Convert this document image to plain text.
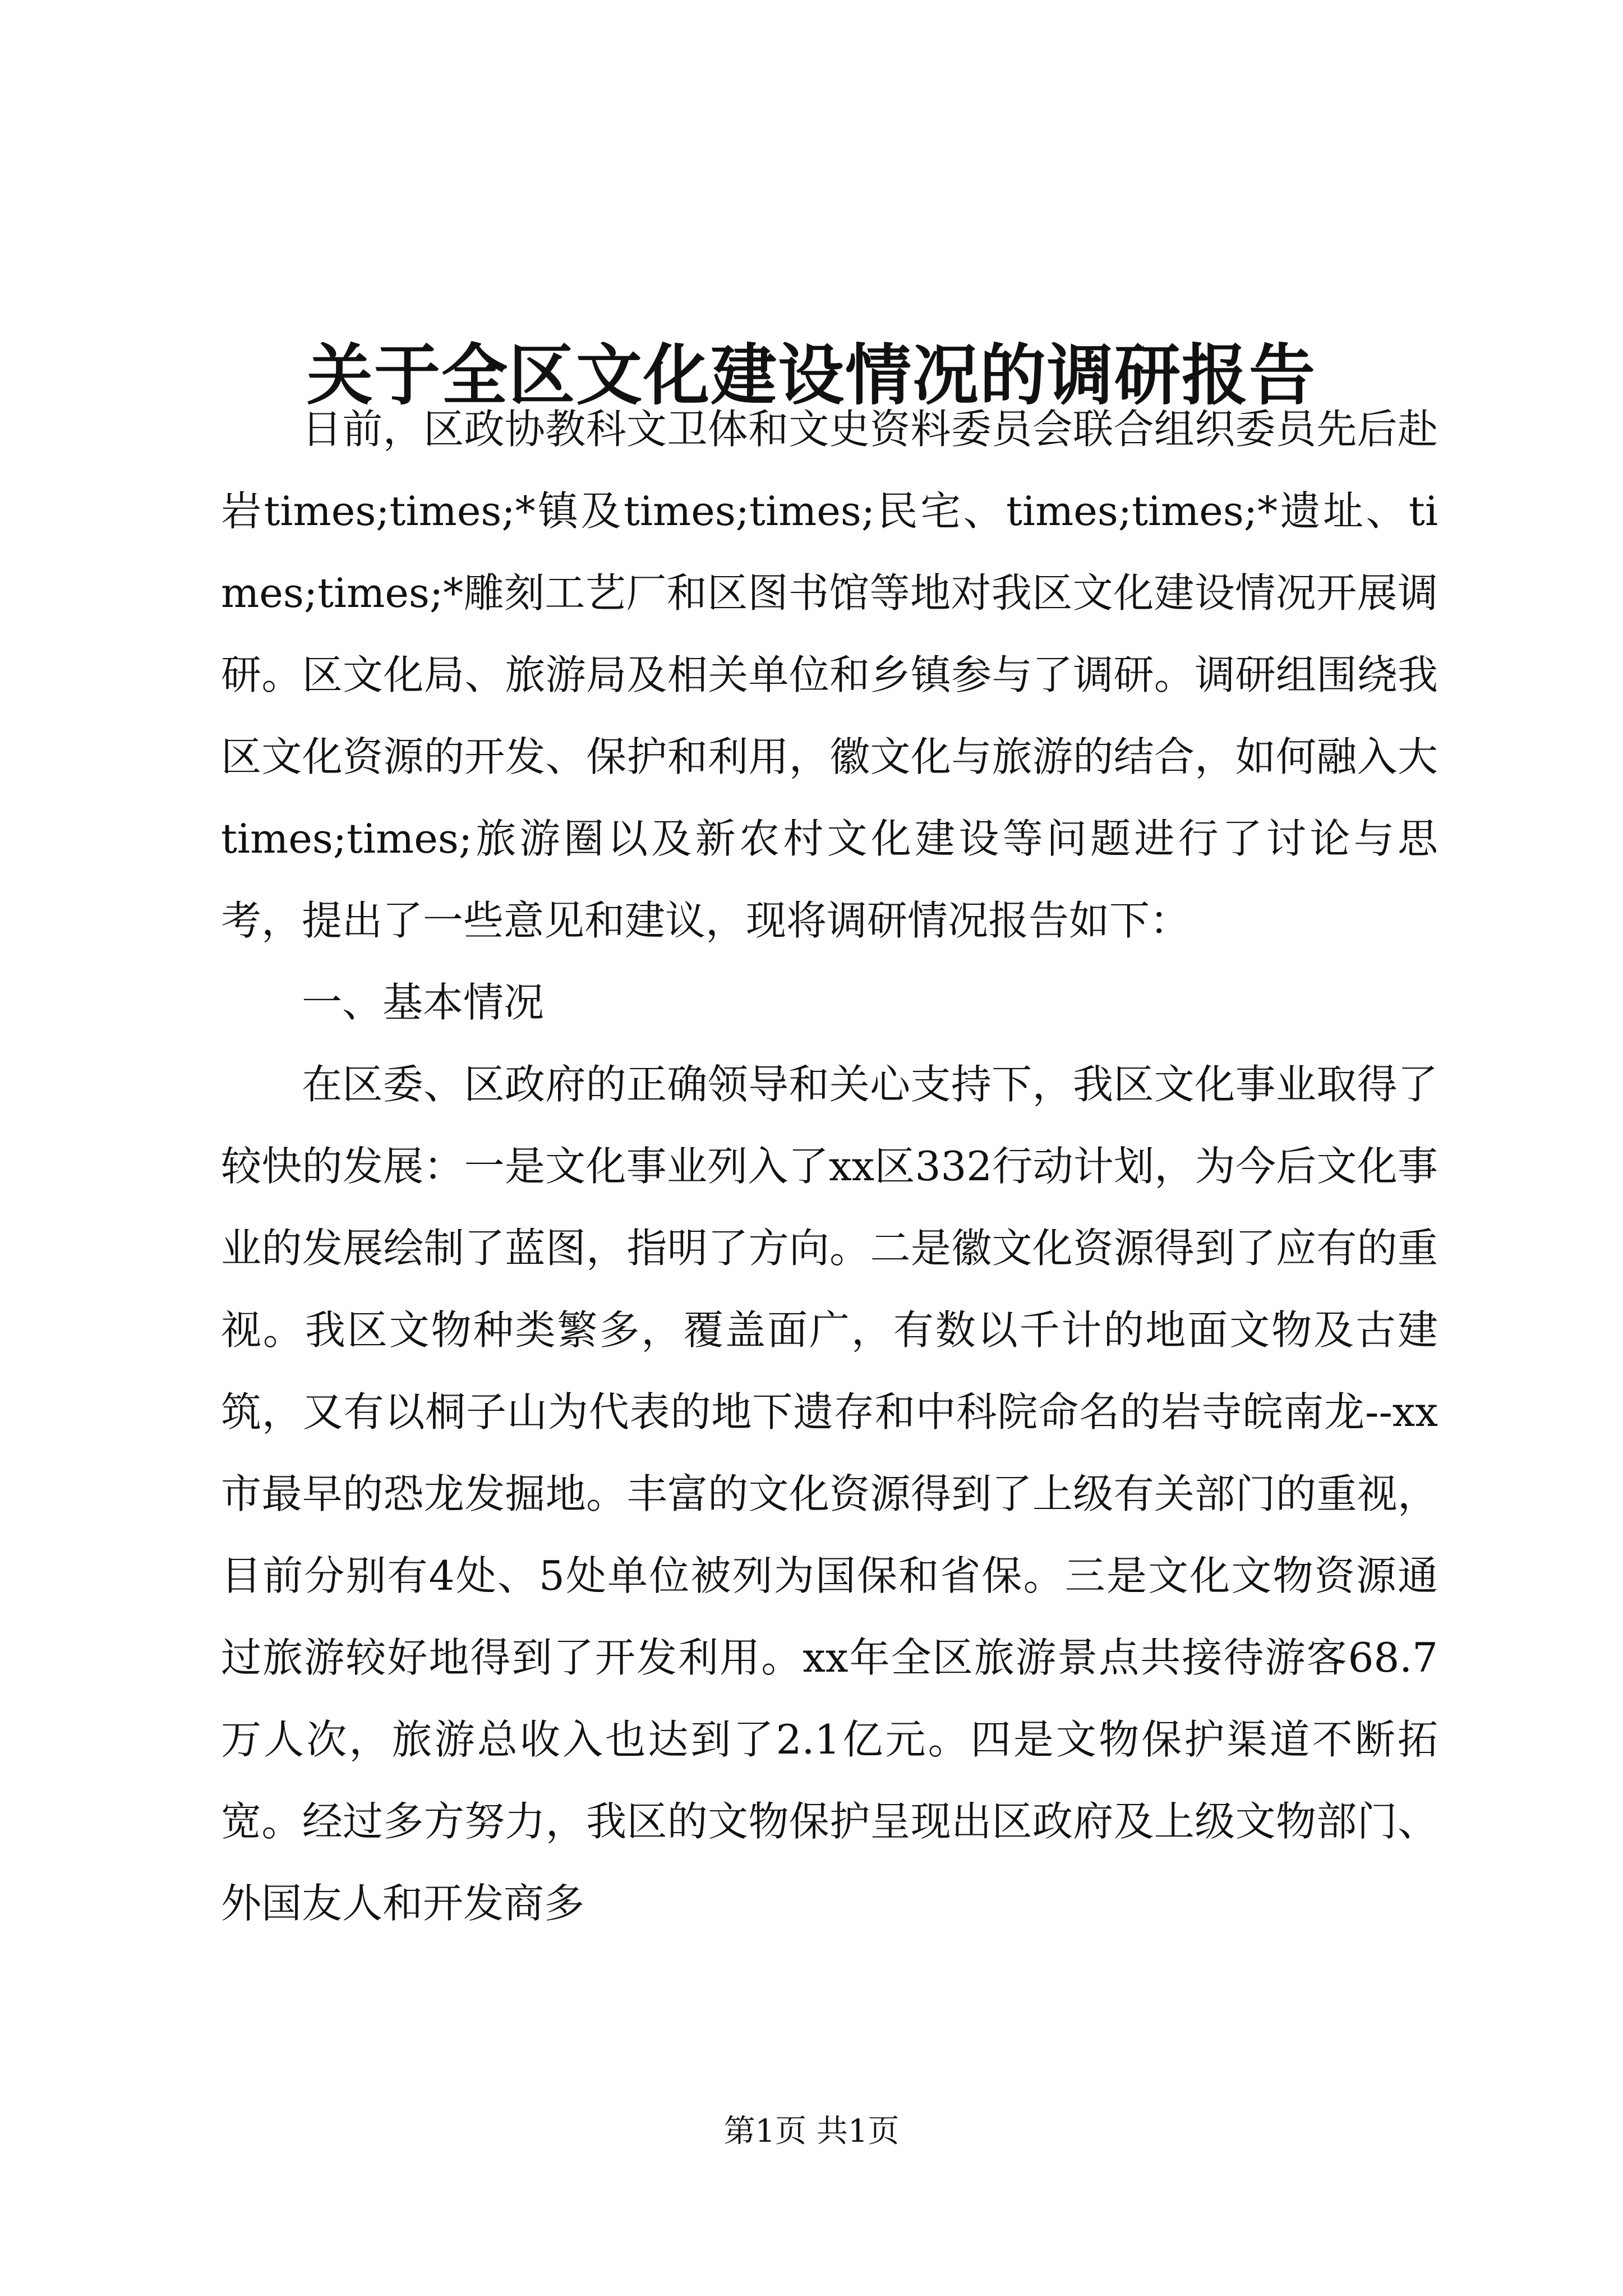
关于全区文化建设情况的调研报告

日前，区政协教科文卫体和文史资料委员会联合组织委员先后赴岩times;times;*镇及times;times;民宅、times;times;*遗址、times;times;*雕刻工艺厂和区图书馆等地对我区文化建设情况开展调研。区文化局、旅游局及相关单位和乡镇参与了调研。调研组围绕我区文化资源的开发、保护和利用，徽文化与旅游的结合，如何融入大times;times;旅游圈以及新农村文化建设等问题进行了讨论与思考，提出了一些意见和建议，现将调研情况报告如下：

一、基本情况

在区委、区政府的正确领导和关心支持下，我区文化事业取得了较快的发展：一是文化事业列入了xx区332行动计划，为今后文化事业的发展绘制了蓝图，指明了方向。二是徽文化资源得到了应有的重视。我区文物种类繁多，覆盖面广，有数以千计的地面文物及古建筑，又有以桐子山为代表的地下遗存和中科院命名的岩寺皖南龙--xx市最早的恐龙发掘地。丰富的文化资源得到了上级有关部门的重视，目前分别有4处、5处单位被列为国保和省保。三是文化文物资源通过旅游较好地得到了开发利用。xx年全区旅游景点共接待游客68.7万人次，旅游总收入也达到了2.1亿元。四是文物保护渠道不断拓宽。经过多方努力，我区的文物保护呈现出区政府及上级文物部门、外国友人和开发商多

第1页 共1页
